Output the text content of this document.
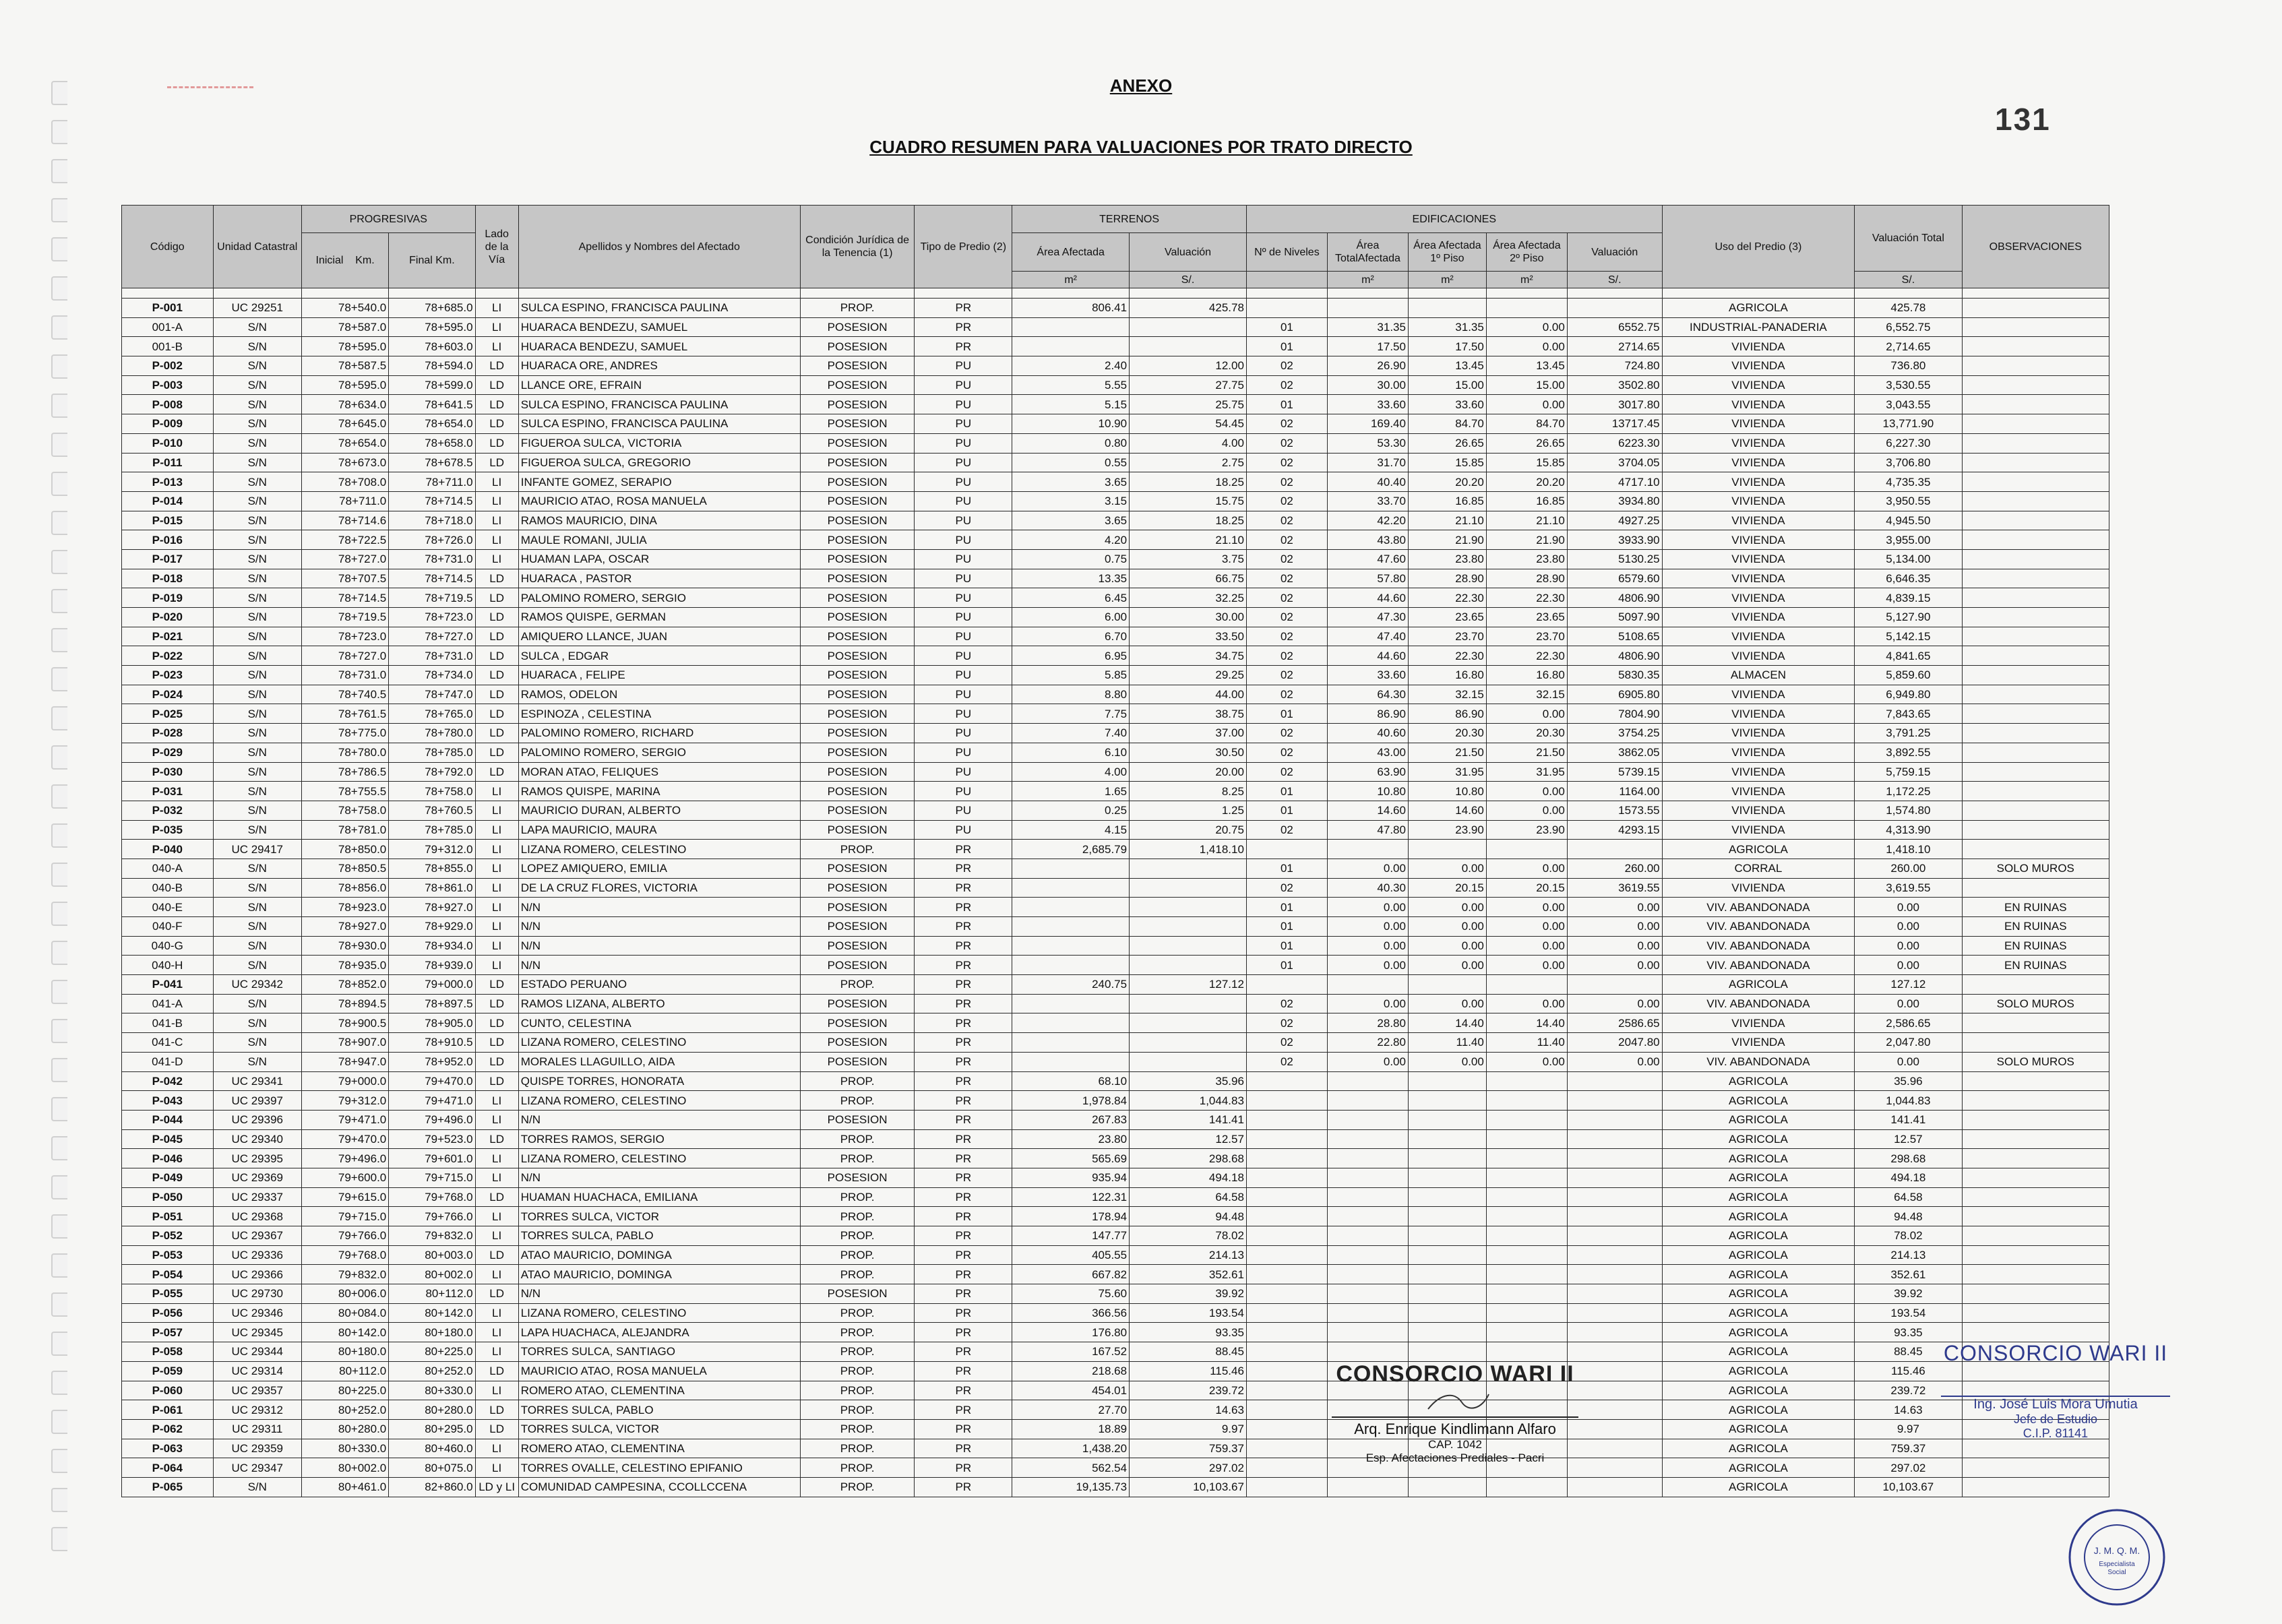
ANEXO
CUADRO RESUMEN PARA VALUACIONES POR TRATO DIRECTO
131
Código	Unidad Catastral	PROGRESIVAS		Lado de la Vía	Apellidos y Nombres del Afectado	Condición Jurídica de la Tenencia (1)	Tipo de Predio (2)	TERRENOS		EDIFICACIONES					Uso del Predio (3)	Valuación Total	OBSERVACIONES
		Inicial Km.	Final Km.					Área Afectada	Valuación	Nº de Niveles	Área TotalAfectada	Área Afectada 1º Piso	Área Afectada 2º Piso	Valuación			
								m²	S/.		m²	m²	m²	S/.		S/.	

P-001	UC 29251	78+540.0	78+685.0	LI	SULCA ESPINO, FRANCISCA PAULINA	PROP.	PR	806.41	425.78						AGRICOLA	425.78	
001-A	S/N	78+587.0	78+595.0	LI	HUARACA BENDEZU, SAMUEL	POSESION	PR			01	31.35	31.35	0.00	6552.75	INDUSTRIAL-PANADERIA	6,552.75	
001-B	S/N	78+595.0	78+603.0	LI	HUARACA BENDEZU, SAMUEL	POSESION	PR			01	17.50	17.50	0.00	2714.65	VIVIENDA	2,714.65	
P-002	S/N	78+587.5	78+594.0	LD	HUARACA ORE, ANDRES	POSESION	PU	2.40	12.00	02	26.90	13.45	13.45	724.80	VIVIENDA	736.80	
P-003	S/N	78+595.0	78+599.0	LD	LLANCE ORE, EFRAIN	POSESION	PU	5.55	27.75	02	30.00	15.00	15.00	3502.80	VIVIENDA	3,530.55	
P-008	S/N	78+634.0	78+641.5	LD	SULCA ESPINO, FRANCISCA PAULINA	POSESION	PU	5.15	25.75	01	33.60	33.60	0.00	3017.80	VIVIENDA	3,043.55	
P-009	S/N	78+645.0	78+654.0	LD	SULCA ESPINO, FRANCISCA PAULINA	POSESION	PU	10.90	54.45	02	169.40	84.70	84.70	13717.45	VIVIENDA	13,771.90	
P-010	S/N	78+654.0	78+658.0	LD	FIGUEROA SULCA, VICTORIA	POSESION	PU	0.80	4.00	02	53.30	26.65	26.65	6223.30	VIVIENDA	6,227.30	
P-011	S/N	78+673.0	78+678.5	LD	FIGUEROA SULCA, GREGORIO	POSESION	PU	0.55	2.75	02	31.70	15.85	15.85	3704.05	VIVIENDA	3,706.80	
P-013	S/N	78+708.0	78+711.0	LI	INFANTE GOMEZ, SERAPIO	POSESION	PU	3.65	18.25	02	40.40	20.20	20.20	4717.10	VIVIENDA	4,735.35	
P-014	S/N	78+711.0	78+714.5	LI	MAURICIO ATAO, ROSA MANUELA	POSESION	PU	3.15	15.75	02	33.70	16.85	16.85	3934.80	VIVIENDA	3,950.55	
P-015	S/N	78+714.6	78+718.0	LI	RAMOS MAURICIO, DINA	POSESION	PU	3.65	18.25	02	42.20	21.10	21.10	4927.25	VIVIENDA	4,945.50	
P-016	S/N	78+722.5	78+726.0	LI	MAULE ROMANI, JULIA	POSESION	PU	4.20	21.10	02	43.80	21.90	21.90	3933.90	VIVIENDA	3,955.00	
P-017	S/N	78+727.0	78+731.0	LI	HUAMAN LAPA, OSCAR	POSESION	PU	0.75	3.75	02	47.60	23.80	23.80	5130.25	VIVIENDA	5,134.00	
P-018	S/N	78+707.5	78+714.5	LD	HUARACA , PASTOR	POSESION	PU	13.35	66.75	02	57.80	28.90	28.90	6579.60	VIVIENDA	6,646.35	
P-019	S/N	78+714.5	78+719.5	LD	PALOMINO ROMERO, SERGIO	POSESION	PU	6.45	32.25	02	44.60	22.30	22.30	4806.90	VIVIENDA	4,839.15	
P-020	S/N	78+719.5	78+723.0	LD	RAMOS QUISPE, GERMAN	POSESION	PU	6.00	30.00	02	47.30	23.65	23.65	5097.90	VIVIENDA	5,127.90	
P-021	S/N	78+723.0	78+727.0	LD	AMIQUERO LLANCE, JUAN	POSESION	PU	6.70	33.50	02	47.40	23.70	23.70	5108.65	VIVIENDA	5,142.15	
P-022	S/N	78+727.0	78+731.0	LD	SULCA , EDGAR	POSESION	PU	6.95	34.75	02	44.60	22.30	22.30	4806.90	VIVIENDA	4,841.65	
P-023	S/N	78+731.0	78+734.0	LD	HUARACA , FELIPE	POSESION	PU	5.85	29.25	02	33.60	16.80	16.80	5830.35	ALMACEN	5,859.60	
P-024	S/N	78+740.5	78+747.0	LD	RAMOS, ODELON	POSESION	PU	8.80	44.00	02	64.30	32.15	32.15	6905.80	VIVIENDA	6,949.80	
P-025	S/N	78+761.5	78+765.0	LD	ESPINOZA , CELESTINA	POSESION	PU	7.75	38.75	01	86.90	86.90	0.00	7804.90	VIVIENDA	7,843.65	
P-028	S/N	78+775.0	78+780.0	LD	PALOMINO ROMERO, RICHARD	POSESION	PU	7.40	37.00	02	40.60	20.30	20.30	3754.25	VIVIENDA	3,791.25	
P-029	S/N	78+780.0	78+785.0	LD	PALOMINO ROMERO, SERGIO	POSESION	PU	6.10	30.50	02	43.00	21.50	21.50	3862.05	VIVIENDA	3,892.55	
P-030	S/N	78+786.5	78+792.0	LD	MORAN ATAO, FELIQUES	POSESION	PU	4.00	20.00	02	63.90	31.95	31.95	5739.15	VIVIENDA	5,759.15	
P-031	S/N	78+755.5	78+758.0	LI	RAMOS QUISPE, MARINA	POSESION	PU	1.65	8.25	01	10.80	10.80	0.00	1164.00	VIVIENDA	1,172.25	
P-032	S/N	78+758.0	78+760.5	LI	MAURICIO DURAN, ALBERTO	POSESION	PU	0.25	1.25	01	14.60	14.60	0.00	1573.55	VIVIENDA	1,574.80	
P-035	S/N	78+781.0	78+785.0	LI	LAPA MAURICIO, MAURA	POSESION	PU	4.15	20.75	02	47.80	23.90	23.90	4293.15	VIVIENDA	4,313.90	
P-040	UC 29417	78+850.0	79+312.0	LI	LIZANA ROMERO, CELESTINO	PROP.	PR	2,685.79	1,418.10						AGRICOLA	1,418.10	
040-A	S/N	78+850.5	78+855.0	LI	LOPEZ AMIQUERO, EMILIA	POSESION	PR			01	0.00	0.00	0.00	260.00	CORRAL	260.00	SOLO MUROS
040-B	S/N	78+856.0	78+861.0	LI	DE LA CRUZ FLORES, VICTORIA	POSESION	PR			02	40.30	20.15	20.15	3619.55	VIVIENDA	3,619.55	
040-E	S/N	78+923.0	78+927.0	LI	N/N	POSESION	PR			01	0.00	0.00	0.00	0.00	VIV. ABANDONADA	0.00	EN RUINAS
040-F	S/N	78+927.0	78+929.0	LI	N/N	POSESION	PR			01	0.00	0.00	0.00	0.00	VIV. ABANDONADA	0.00	EN RUINAS
040-G	S/N	78+930.0	78+934.0	LI	N/N	POSESION	PR			01	0.00	0.00	0.00	0.00	VIV. ABANDONADA	0.00	EN RUINAS
040-H	S/N	78+935.0	78+939.0	LI	N/N	POSESION	PR			01	0.00	0.00	0.00	0.00	VIV. ABANDONADA	0.00	EN RUINAS
P-041	UC 29342	78+852.0	79+000.0	LD	ESTADO PERUANO	PROP.	PR	240.75	127.12						AGRICOLA	127.12	
041-A	S/N	78+894.5	78+897.5	LD	RAMOS LIZANA, ALBERTO	POSESION	PR			02	0.00	0.00	0.00	0.00	VIV. ABANDONADA	0.00	SOLO MUROS
041-B	S/N	78+900.5	78+905.0	LD	CUNTO, CELESTINA	POSESION	PR			02	28.80	14.40	14.40	2586.65	VIVIENDA	2,586.65	
041-C	S/N	78+907.0	78+910.5	LD	LIZANA ROMERO, CELESTINO	POSESION	PR			02	22.80	11.40	11.40	2047.80	VIVIENDA	2,047.80	
041-D	S/N	78+947.0	78+952.0	LD	MORALES LLAGUILLO, AIDA	POSESION	PR			02	0.00	0.00	0.00	0.00	VIV. ABANDONADA	0.00	SOLO MUROS
P-042	UC 29341	79+000.0	79+470.0	LD	QUISPE TORRES, HONORATA	PROP.	PR	68.10	35.96						AGRICOLA	35.96	
P-043	UC 29397	79+312.0	79+471.0	LI	LIZANA ROMERO, CELESTINO	PROP.	PR	1,978.84	1,044.83						AGRICOLA	1,044.83	
P-044	UC 29396	79+471.0	79+496.0	LI	N/N	POSESION	PR	267.83	141.41						AGRICOLA	141.41	
P-045	UC 29340	79+470.0	79+523.0	LD	TORRES RAMOS, SERGIO	PROP.	PR	23.80	12.57						AGRICOLA	12.57	
P-046	UC 29395	79+496.0	79+601.0	LI	LIZANA ROMERO, CELESTINO	PROP.	PR	565.69	298.68						AGRICOLA	298.68	
P-049	UC 29369	79+600.0	79+715.0	LI	N/N	POSESION	PR	935.94	494.18						AGRICOLA	494.18	
P-050	UC 29337	79+615.0	79+768.0	LD	HUAMAN HUACHACA, EMILIANA	PROP.	PR	122.31	64.58						AGRICOLA	64.58	
P-051	UC 29368	79+715.0	79+766.0	LI	TORRES SULCA, VICTOR	PROP.	PR	178.94	94.48						AGRICOLA	94.48	
P-052	UC 29367	79+766.0	79+832.0	LI	TORRES SULCA, PABLO	PROP.	PR	147.77	78.02						AGRICOLA	78.02	
P-053	UC 29336	79+768.0	80+003.0	LD	ATAO MAURICIO, DOMINGA	PROP.	PR	405.55	214.13						AGRICOLA	214.13	
P-054	UC 29366	79+832.0	80+002.0	LI	ATAO MAURICIO, DOMINGA	PROP.	PR	667.82	352.61						AGRICOLA	352.61	
P-055	UC 29730	80+006.0	80+112.0	LD	N/N	POSESION	PR	75.60	39.92						AGRICOLA	39.92	
P-056	UC 29346	80+084.0	80+142.0	LI	LIZANA ROMERO, CELESTINO	PROP.	PR	366.56	193.54						AGRICOLA	193.54	
P-057	UC 29345	80+142.0	80+180.0	LI	LAPA HUACHACA, ALEJANDRA	PROP.	PR	176.80	93.35						AGRICOLA	93.35	
P-058	UC 29344	80+180.0	80+225.0	LI	TORRES SULCA, SANTIAGO	PROP.	PR	167.52	88.45						AGRICOLA	88.45	
P-059	UC 29314	80+112.0	80+252.0	LD	MAURICIO ATAO, ROSA MANUELA	PROP.	PR	218.68	115.46						AGRICOLA	115.46	
P-060	UC 29357	80+225.0	80+330.0	LI	ROMERO ATAO, CLEMENTINA	PROP.	PR	454.01	239.72						AGRICOLA	239.72	
P-061	UC 29312	80+252.0	80+280.0	LD	TORRES SULCA, PABLO	PROP.	PR	27.70	14.63						AGRICOLA	14.63	
P-062	UC 29311	80+280.0	80+295.0	LD	TORRES SULCA, VICTOR	PROP.	PR	18.89	9.97						AGRICOLA	9.97	
P-063	UC 29359	80+330.0	80+460.0	LI	ROMERO ATAO, CLEMENTINA	PROP.	PR	1,438.20	759.37						AGRICOLA	759.37	
P-064	UC 29347	80+002.0	80+075.0	LI	TORRES OVALLE, CELESTINO EPIFANIO	PROP.	PR	562.54	297.02						AGRICOLA	297.02	
P-065	S/N	80+461.0	82+860.0	LD y LI	COMUNIDAD CAMPESINA, CCOLLCCENA	PROP.	PR	19,135.73	10,103.67						AGRICOLA	10,103.67	
CONSORCIO WARI II
Arq. Enrique Kindlimann Alfaro
CAP. 1042
Esp. Afectaciones Prediales - Pacri
CONSORCIO WARI II
Ing. José Luis Mora Umutia
Jefe de Estudio
C.I.P. 81141
J. M. Q. M.
Especialista
Social
